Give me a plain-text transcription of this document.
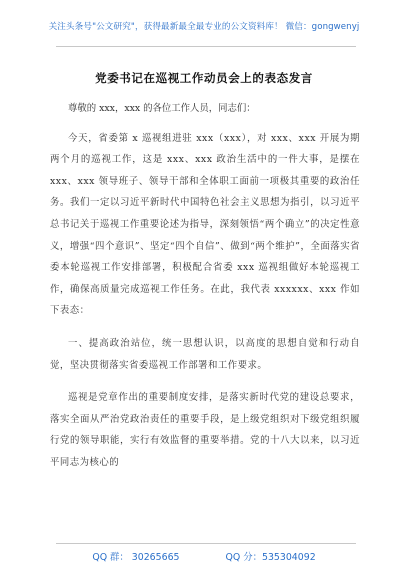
关注头条号"公文研究"，获得最新最全最专业的公文资料库！ 微信：gongwenyj
党委书记在巡视工作动员会上的表态发言

尊敬的 xxx，xxx 的各位工作人员，同志们：

今天，省委第 x 巡视组进驻 xxx（xxx），对 xxx、xxx 开展为期两个月的巡视工作，这是 xxx、xxx 政治生活中的一件大事，是摆在 xxx、xxx 领导班子、领导干部和全体职工面前一项极其重要的政治任务。我们一定以习近平新时代中国特色社会主义思想为指引，以习近平总书记关于巡视工作重要论述为指导，深刻领悟“两个确立”的决定性意义，增强“四个意识”、坚定“四个自信”、做到“两个维护”，全面落实省委本轮巡视工作安排部署，积极配合省委 xxx 巡视组做好本轮巡视工作，确保高质量完成巡视工作任务。在此，我代表 xxxxxx、xxx 作如下表态：

一、提高政治站位，统一思想认识，以高度的思想自觉和行动自觉，坚决贯彻落实省委巡视工作部署和工作要求。

巡视是党章作出的重要制度安排，是落实新时代党的建设总要求，落实全面从严治党政治责任的重要手段，是上级党组织对下级党组织履行党的领导职能，实行有效监督的重要举措。党的十八大以来，以习近平同志为核心的

QQ 群： 30265665	QQ 分：535304092
